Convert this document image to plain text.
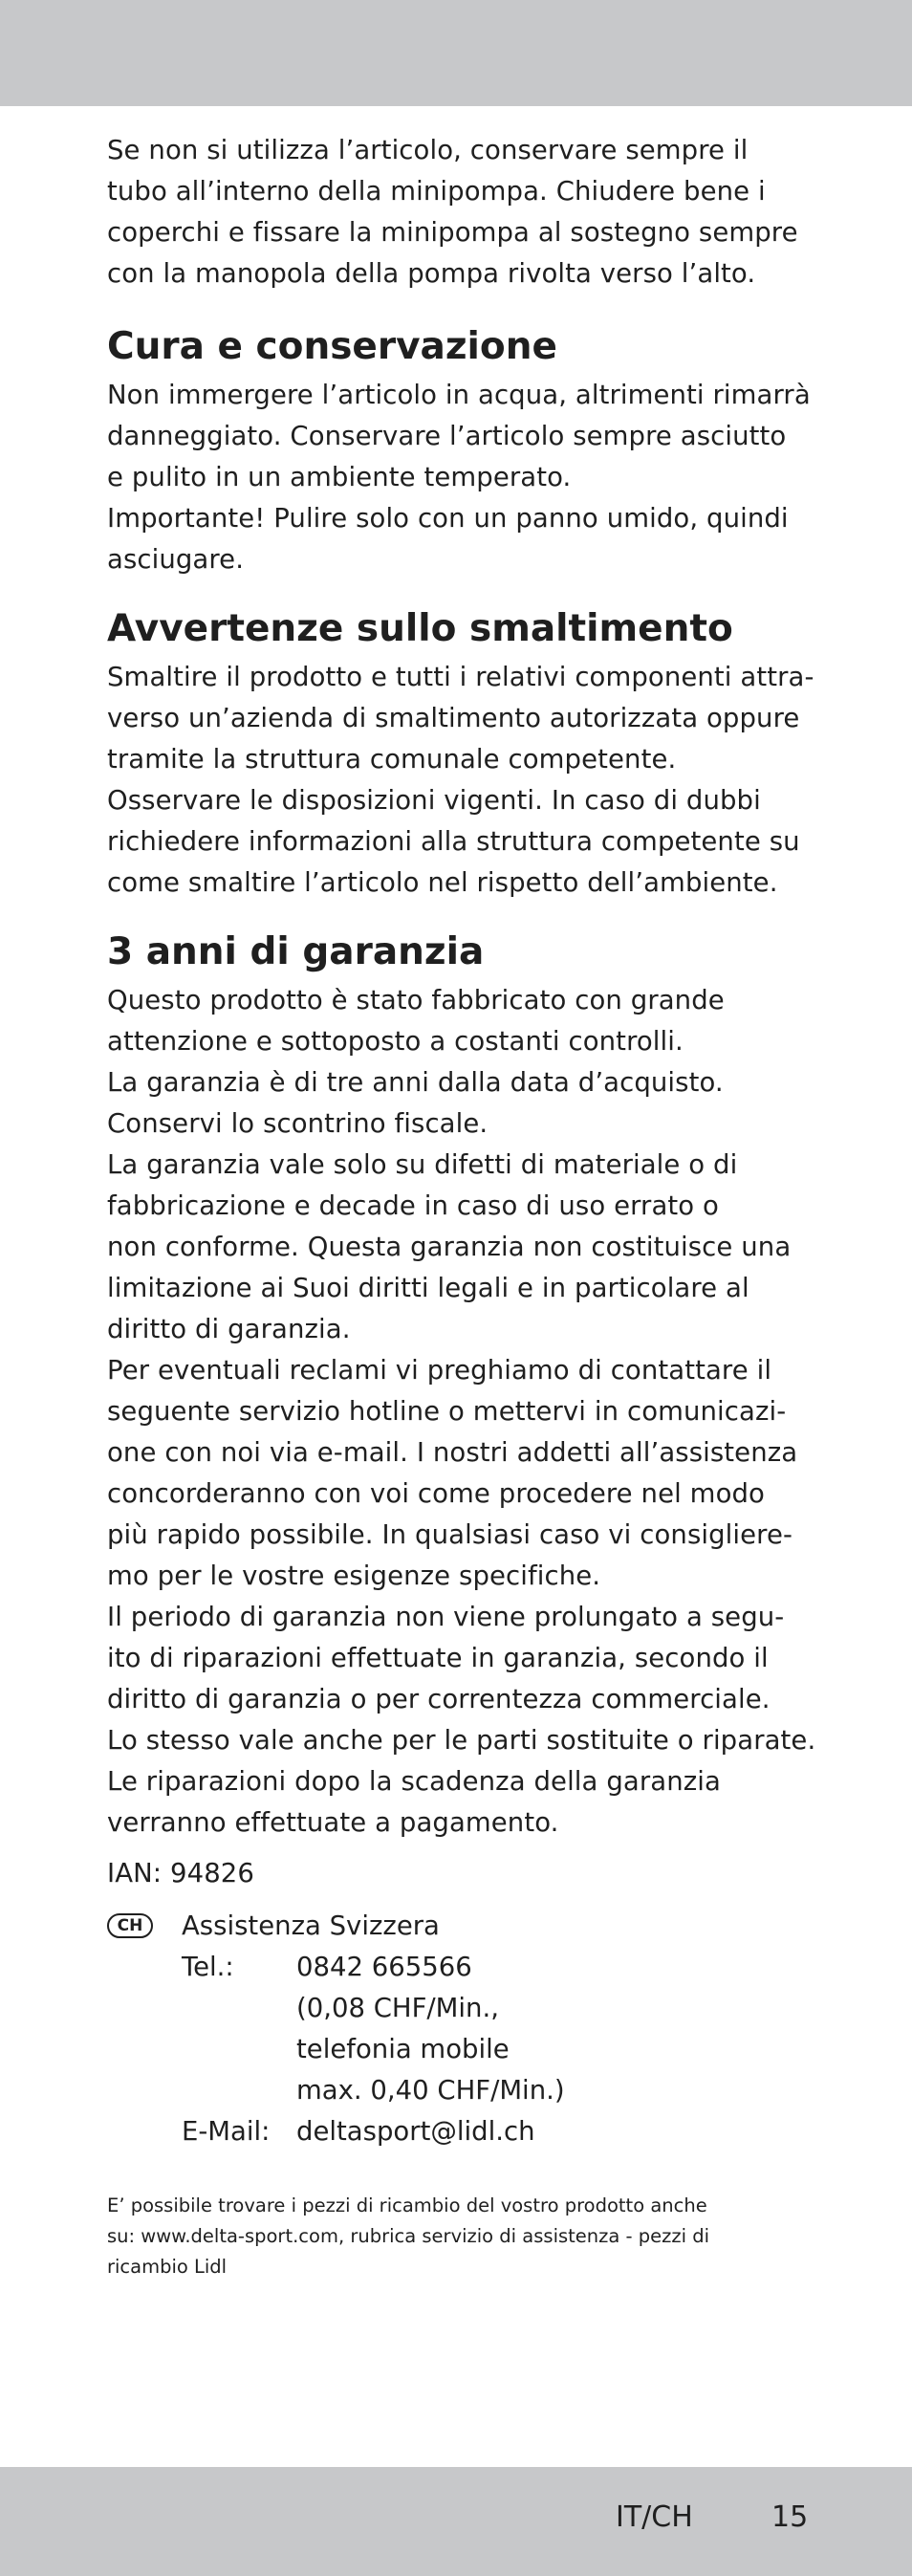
Se non si utilizza l’articolo, conservare sempre il
tubo all’interno della minipompa. Chiudere bene i
coperchi e fissare la minipompa al sostegno sempre
con la manopola della pompa rivolta verso l’alto.

Cura e conservazione

Non immergere l’articolo in acqua, altrimenti rimarrà
danneggiato. Conservare l’articolo sempre asciutto
e pulito in un ambiente temperato.
Importante! Pulire solo con un panno umido, quindi
asciugare.

Avvertenze sullo smaltimento

Smaltire il prodotto e tutti i relativi componenti attra-
verso un’azienda di smaltimento autorizzata oppure
tramite la struttura comunale competente.
Osservare le disposizioni vigenti. In caso di dubbi
richiedere informazioni alla struttura competente su
come smaltire l’articolo nel rispetto dell’ambiente.

3 anni di garanzia

Questo prodotto è stato fabbricato con grande
attenzione e sottoposto a costanti controlli.
La garanzia è di tre anni dalla data d’acquisto.
Conservi lo scontrino fiscale.
La garanzia vale solo su difetti di materiale o di
fabbricazione e decade in caso di uso errato o
non conforme. Questa garanzia non costituisce una
limitazione ai Suoi diritti legali e in particolare al
diritto di garanzia.
Per eventuali reclami vi preghiamo di contattare il
seguente servizio hotline o mettervi in comunicazi-
one con noi via e-mail. I nostri addetti all’assistenza
concorderanno con voi come procedere nel modo
più rapido possibile. In qualsiasi caso vi consigliere-
mo per le vostre esigenze specifiche.
Il periodo di garanzia non viene prolungato a segu-
ito di riparazioni effettuate in garanzia, secondo il
diritto di garanzia o per correntezza commerciale.
Lo stesso vale anche per le parti sostituite o riparate.
Le riparazioni dopo la scadenza della garanzia
verranno effettuate a pagamento.

IAN: 94826

CH	Assistenza Svizzera
Tel.: 0842 665566
(0,08 CHF/Min.,
telefonia mobile
max. 0,40 CHF/Min.)
E-Mail: deltasport@lidl.ch

E’ possibile trovare i pezzi di ricambio del vostro prodotto anche
su: www.delta-sport.com, rubrica servizio di assistenza - pezzi di
ricambio Lidl

IT/CH	15
